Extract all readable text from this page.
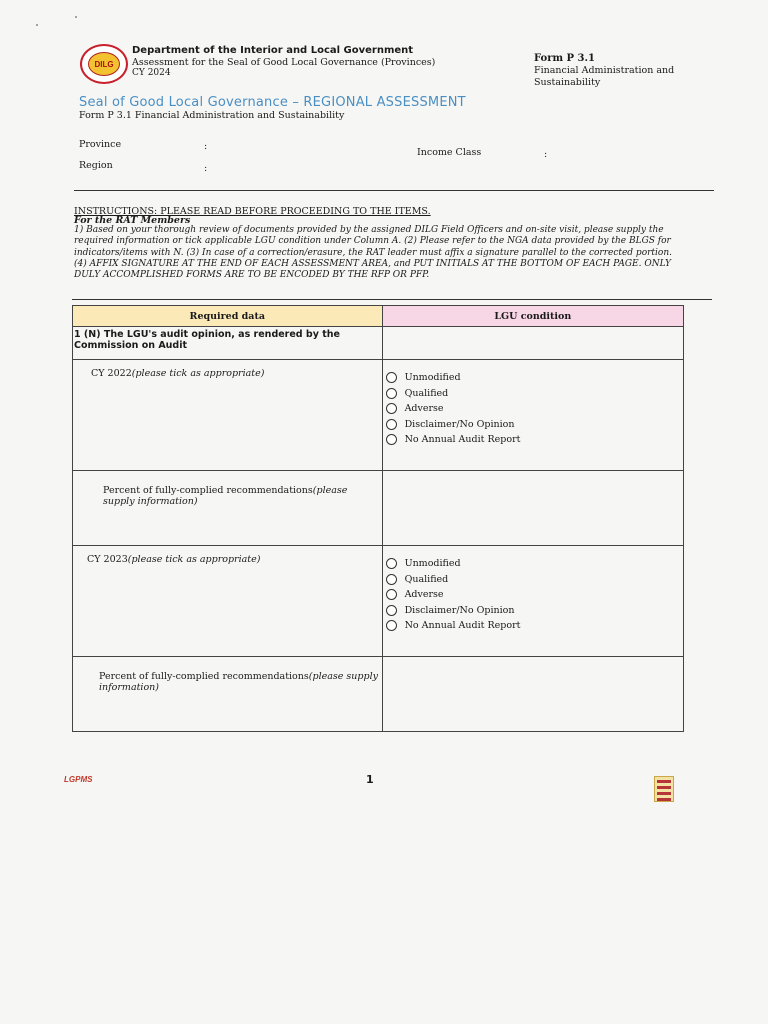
DILG
Department of the Interior and Local Government
Assessment for the Seal of Good Local Governance (Provinces)
CY 2024
Form P 3.1
Financial Administration and Sustainability
Seal of Good Local Governance – REGIONAL ASSESSMENT
Form P 3.1 Financial Administration and Sustainability
Province	:
Region	:
Income Class	:
INSTRUCTIONS: PLEASE READ BEFORE PROCEEDING TO THE ITEMS.
For the RAT Members
1) Based on your thorough review of documents provided by the assigned DILG Field Officers and on-site visit, please supply the required information or tick applicable LGU condition under Column A. (2) Please refer to the NGA data provided by the BLGS for indicators/items with N. (3) In case of a correction/erasure, the RAT leader must affix a signature parallel to the corrected portion. (4) AFFIX SIGNATURE AT THE END OF EACH ASSESSMENT AREA, and PUT INITIALS AT THE BOTTOM OF EACH PAGE. ONLY DULY ACCOMPLISHED FORMS ARE TO BE ENCODED BY THE RFP OR PFP.
Required data	LGU condition
1 (N) The LGU's audit opinion, as rendered by the Commission on Audit	
CY 2022(please tick as appropriate)	Unmodified
Qualified
Adverse
Disclaimer/No Opinion
No Annual Audit Report

Percent of fully-complied recommendations(please supply information)	
CY 2023(please tick as appropriate)	Unmodified
Qualified
Adverse
Disclaimer/No Opinion
No Annual Audit Report

Percent of fully-complied recommendations(please supply information)	
LGPMS	1
